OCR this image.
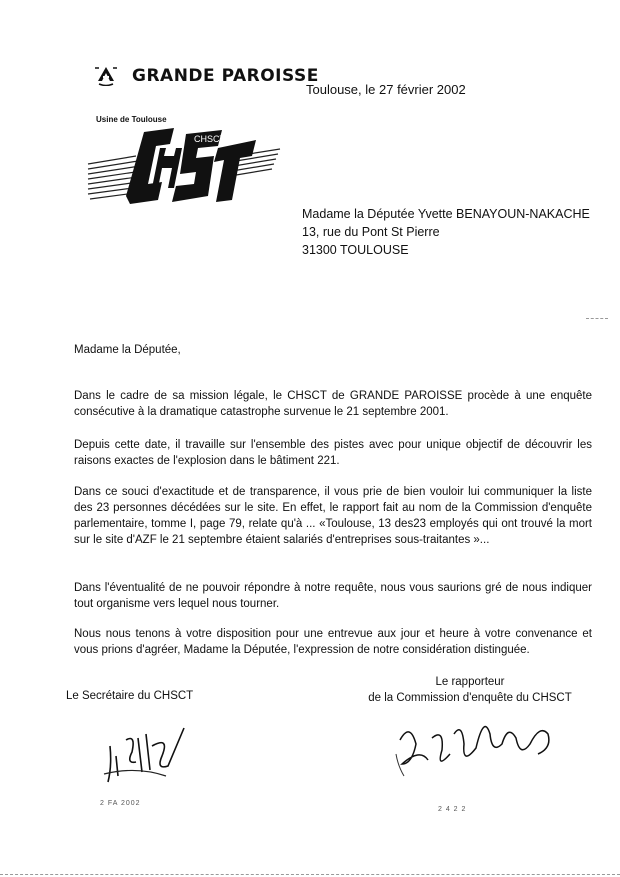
GRANDE PAROISSE
Toulouse, le 27 février 2002
Usine de Toulouse
CHSCT
Madame la Députée Yvette BENAYOUN-NAKACHE
13, rue du Pont St Pierre
31300 TOULOUSE
Madame la Députée,
Dans le cadre de sa mission légale, le CHSCT de GRANDE PAROISSE procède à une enquête consécutive à la dramatique catastrophe survenue le 21 septembre 2001.
Depuis cette date, il travaille sur l'ensemble des pistes avec pour unique objectif de découvrir les raisons exactes de l'explosion dans le bâtiment 221.
Dans ce souci d'exactitude et de transparence, il vous prie de bien vouloir lui communiquer la liste des 23 personnes décédées sur le site. En effet, le rapport fait au nom de la Commission d'enquête parlementaire, tomme I, page 79, relate qu'à ... «Toulouse, 13 des23 employés qui ont trouvé la mort sur le site d'AZF le 21 septembre étaient salariés d'entreprises sous-traitantes »...
Dans l'éventualité de ne pouvoir répondre à notre requête, nous vous saurions gré de nous indiquer tout organisme vers lequel nous tourner.
Nous nous tenons à votre disposition pour une entrevue aux jour et heure à votre convenance et vous prions d'agréer, Madame la Députée, l'expression de notre considération distinguée.
Le Secrétaire du CHSCT
Le rapporteur
de la Commission d'enquête du CHSCT
2 FA 2002
2 4 2 2
